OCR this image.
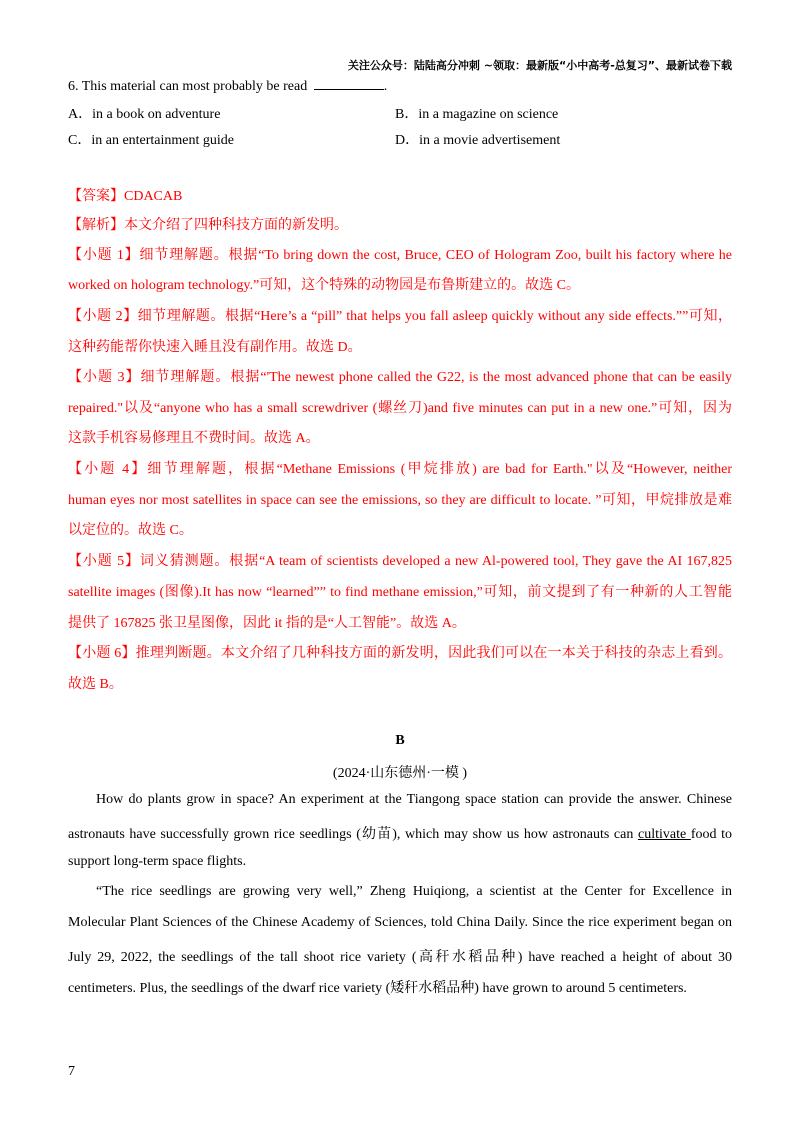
关注公众号：陆陆高分冲刺 ~领取：最新版“小中高考-总复习”、最新试卷下载
6. This material can most probably be read	.
A．in a book on adventure	B．in a magazine on science
C．in an entertainment guide	D．in a movie advertisement
【答案】CDACAB
【解析】本文介绍了四种科技方面的新发明。
【小题 1】细节理解题。根据“To bring down the cost, Bruce, CEO of Hologram Zoo, built his factory where he
worked on hologram technology.”可知，这个特殊的动物园是布鲁斯建立的。故选 C。
【小题 2】细节理解题。根据“Here’s a “pill” that helps you fall asleep quickly without any side effects.””可知，
这种药能帮你快速入睡且没有副作用。故选 D。
【小题 3】细节理解题。根据“'The newest phone called the G22, is the most advanced phone that can be easily
repaired."以及“anyone who has a small screwdriver (螺丝刀)and five minutes can put in a new one.”可知，因为
这款手机容易修理且不费时间。故选 A。
【小题 4】细节理解题，根据“Methane Emissions (甲烷排放) are bad for Earth."以及“However, neither
human eyes nor most satellites in space can see the emissions, so they are difficult to locate. ”可知，甲烷排放是难
以定位的。故选 C。
【小题 5】词义猜测题。根据“A team of scientists developed a new Al-powered tool, They gave the AI 167,825
satellite images (图像).It has now “learned”” to find methane emission,”可知，前文提到了有一种新的人工智能
提供了 167825 张卫星图像，因此 it 指的是“人工智能”。故选 A。
【小题 6】推理判断题。本文介绍了几种科技方面的新发明，因此我们可以在一本关于科技的杂志上看到。
故选 B。
B
(2024·山东德州·一模 )
How do plants grow in space? An experiment at the Tiangong space station can provide the answer. Chinese
astronauts have successfully grown rice seedlings (幼苗), which may show us how astronauts can cultivate food to
support long-term space flights.
“The rice seedlings are growing very well,” Zheng Huiqiong, a scientist at the Center for Excellence in
Molecular Plant Sciences of the Chinese Academy of Sciences, told China Daily. Since the rice experiment began on
July 29, 2022, the seedlings of the tall shoot rice variety (高秆水稻品种) have reached a height of about 30
centimeters. Plus, the seedlings of the dwarf rice variety (矮秆水稻品种) have grown to around 5 centimeters.
7
